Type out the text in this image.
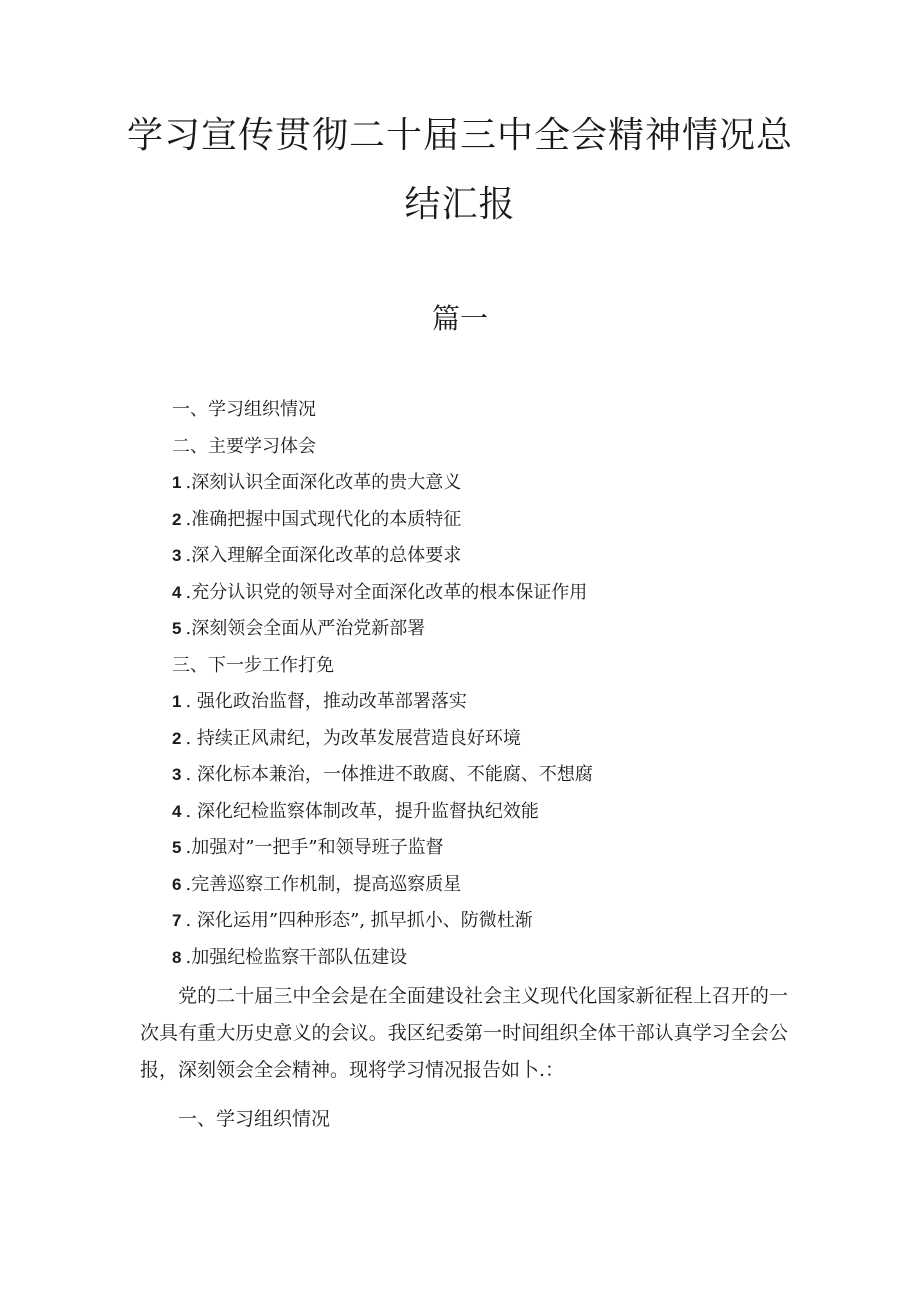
学习宣传贯彻二十届三中全会精神情况总
结汇报
篇一
一、学习组织情况
二、主要学习体会
1 .深刻认识全面深化改革的贵大意义
2 .准确把握中国式现代化的本质特征
3 .深入理解全面深化改革的总体要求
4 .充分认识党的领导对全面深化改革的根本保证作用
5 .深刻领会全面从严治党新部署
三、下一步工作打免
1 . 强化政治监督，推动改革部署落实
2 . 持续正风肃纪，为改革发展营造良好环境
3 . 深化标本兼治，一体推进不敢腐、不能腐、不想腐
4 . 深化纪检监察体制改革，提升监督执纪效能
5 .加强对”一把手”和领导班子监督
6 .完善巡察工作机制，提高巡察质星
7 . 深化运用”四种形态”, 抓早抓小、防微杜渐
8 .加强纪检监察干部队伍建设
党的二十届三中全会是在全面建设社会主义现代化国家新征程上召开的一次具有重大历史意义的会议。我区纪委第一时间组织全体干部认真学习全会公报，深刻领会全会精神。现将学习情况报告如卜.：
一、学习组织情况
